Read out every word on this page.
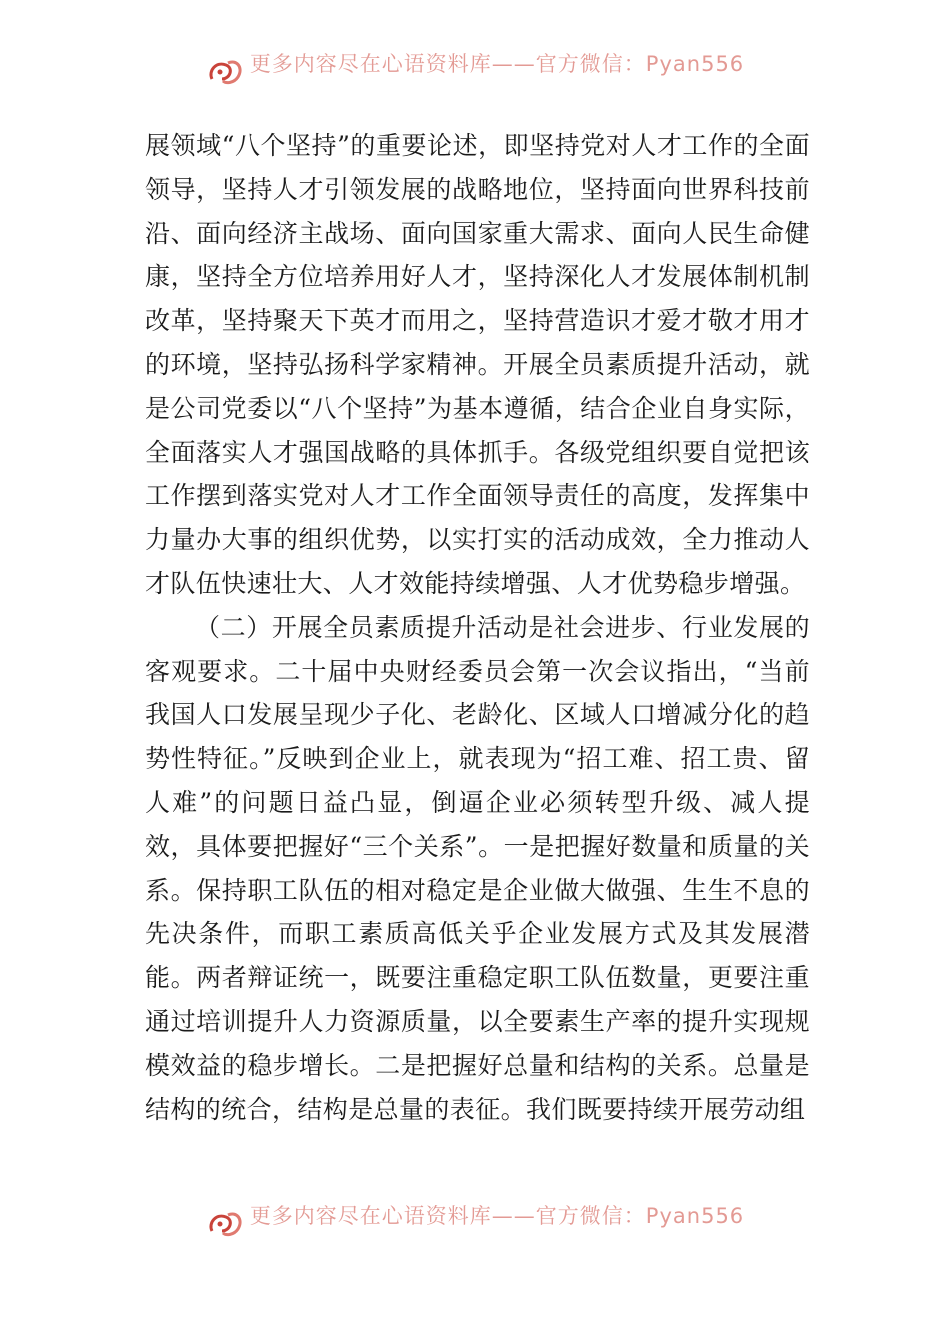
更多内容尽在心语资料库——官方微信：Pyan556

展领域“八个坚持”的重要论述，即坚持党对人才工作的全面领导，坚持人才引领发展的战略地位，坚持面向世界科技前沿、面向经济主战场、面向国家重大需求、面向人民生命健康，坚持全方位培养用好人才，坚持深化人才发展体制机制改革，坚持聚天下英才而用之，坚持营造识才爱才敬才用才的环境，坚持弘扬科学家精神。开展全员素质提升活动，就是公司党委以“八个坚持”为基本遵循，结合企业自身实际，全面落实人才强国战略的具体抓手。各级党组织要自觉把该工作摆到落实党对人才工作全面领导责任的高度，发挥集中力量办大事的组织优势，以实打实的活动成效，全力推动人才队伍快速壮大、人才效能持续增强、人才优势稳步增强。

（二）开展全员素质提升活动是社会进步、行业发展的客观要求。二十届中央财经委员会第一次会议指出，“当前我国人口发展呈现少子化、老龄化、区域人口增减分化的趋势性特征。”反映到企业上，就表现为“招工难、招工贵、留人难”的问题日益凸显，倒逼企业必须转型升级、减人提效，具体要把握好“三个关系”。一是把握好数量和质量的关系。保持职工队伍的相对稳定是企业做大做强、生生不息的先决条件，而职工素质高低关乎企业发展方式及其发展潜能。两者辩证统一，既要注重稳定职工队伍数量，更要注重通过培训提升人力资源质量，以全要素生产率的提升实现规模效益的稳步增长。二是把握好总量和结构的关系。总量是结构的统合，结构是总量的表征。我们既要持续开展劳动组

更多内容尽在心语资料库——官方微信：Pyan556
